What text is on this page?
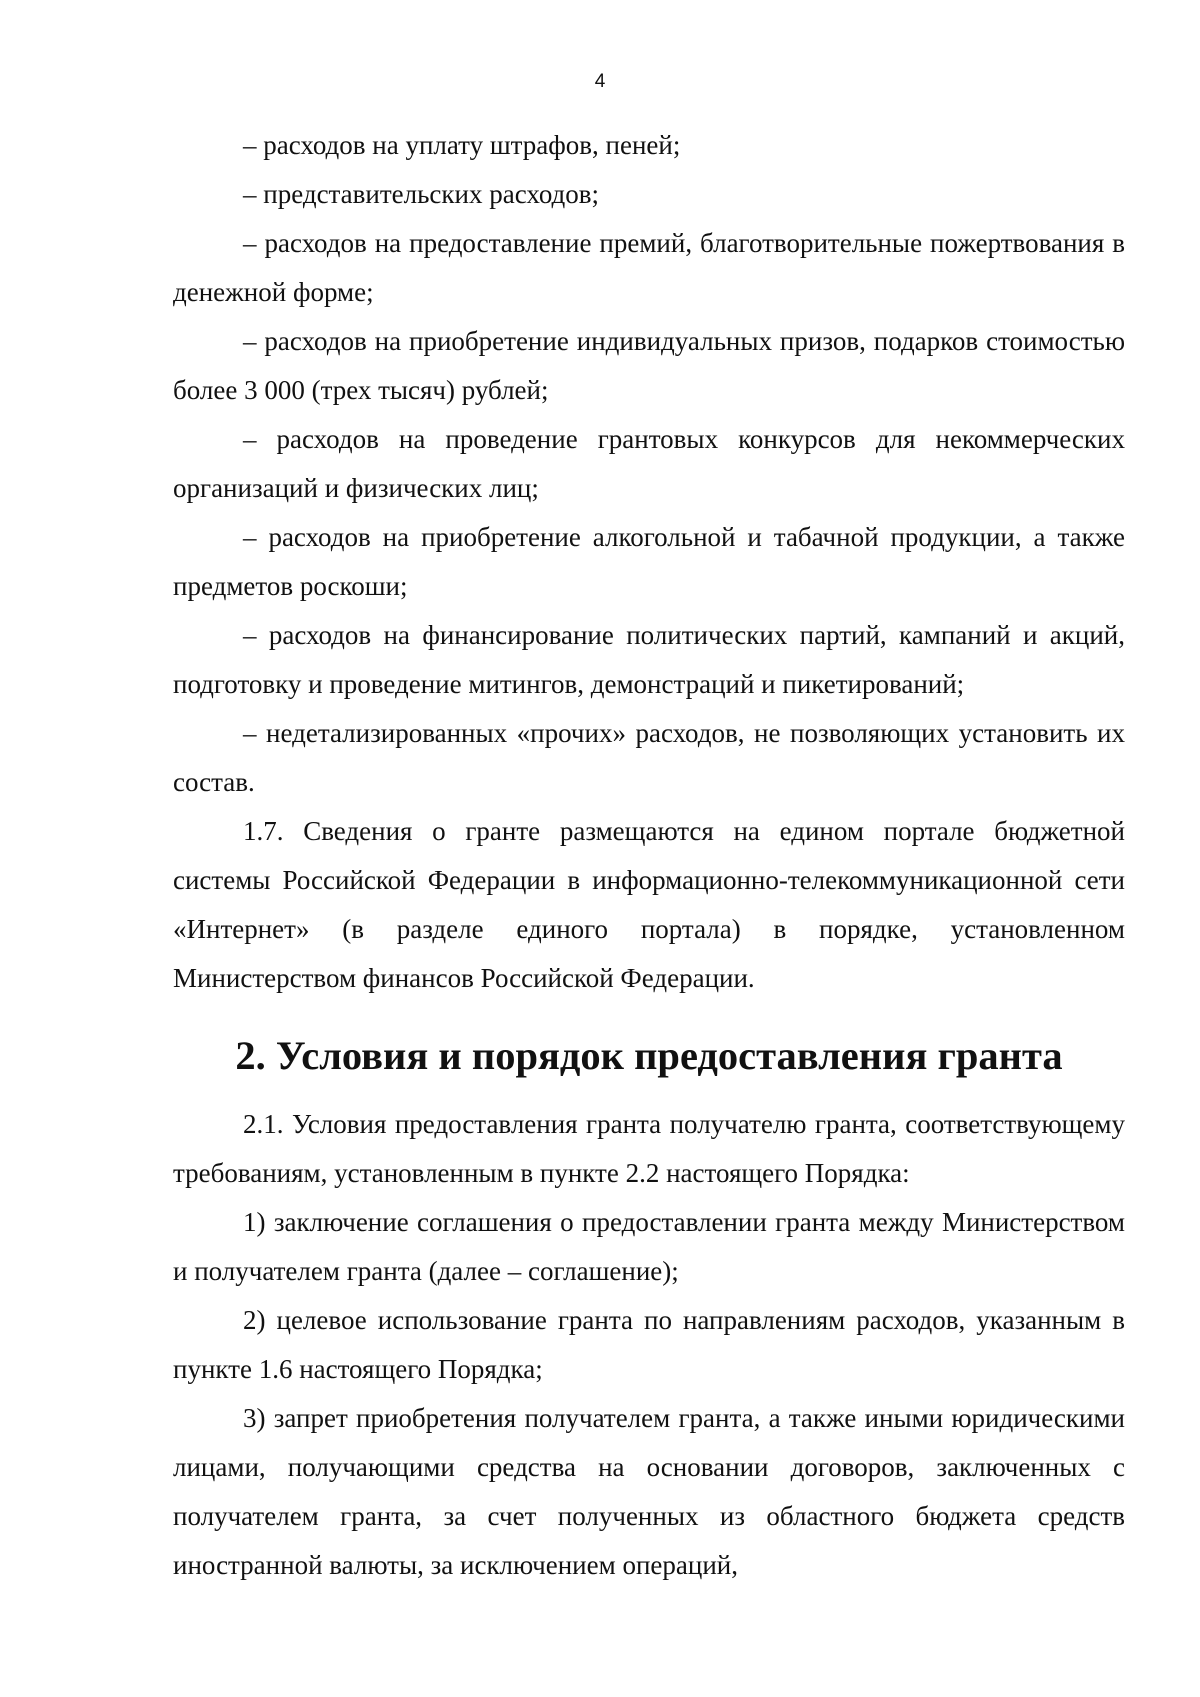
4

– расходов на уплату штрафов, пеней;

– представительских расходов;

– расходов на предоставление премий, благотворительные пожертвования в денежной форме;

– расходов на приобретение индивидуальных призов, подарков стоимостью более 3 000 (трех тысяч) рублей;

– расходов на проведение грантовых конкурсов для некоммерческих организаций и физических лиц;

– расходов на приобретение алкогольной и табачной продукции, а также предметов роскоши;

– расходов на финансирование политических партий, кампаний и акций, подготовку и проведение митингов, демонстраций и пикетирований;

– недетализированных «прочих» расходов, не позволяющих установить их состав.

1.7. Сведения о гранте размещаются на едином портале бюджетной системы Российской Федерации в информационно-телекоммуникационной сети «Интернет» (в разделе единого портала) в порядке, установленном Министерством финансов Российской Федерации.

2. Условия и порядок предоставления гранта

2.1. Условия предоставления гранта получателю гранта, соответствующему требованиям, установленным в пункте 2.2 настоящего Порядка:

1) заключение соглашения о предоставлении гранта между Министерством и получателем гранта (далее – соглашение);

2) целевое использование гранта по направлениям расходов, указанным в пункте 1.6 настоящего Порядка;

3) запрет приобретения получателем гранта, а также иными юридическими лицами, получающими средства на основании договоров, заключенных с получателем гранта, за счет полученных из областного бюджета средств иностранной валюты, за исключением операций,
